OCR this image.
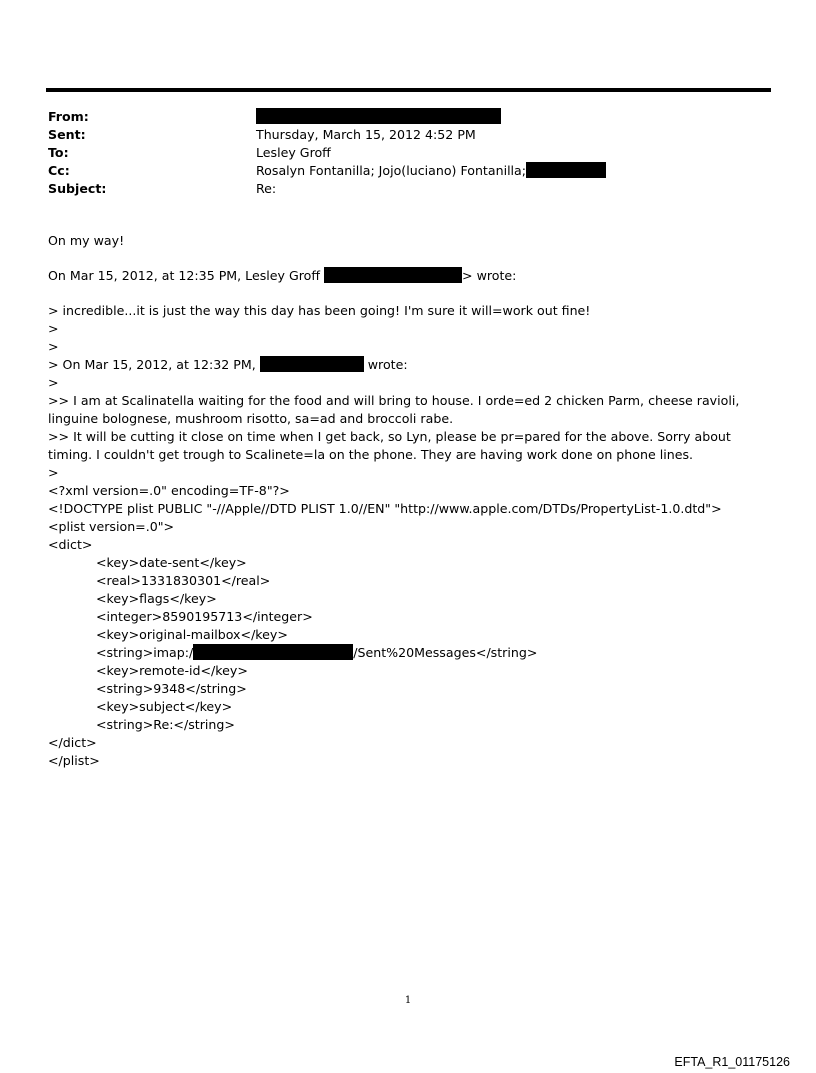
From:
Sent:	Thursday, March 15, 2012 4:52 PM
To:	Lesley Groff
Cc:	Rosalyn Fontanilla; Jojo(luciano) Fontanilla;
Subject:	Re:
On my way!
On Mar 15, 2012, at 12:35 PM, Lesley Groff	> wrote:
> incredible...it is just the way this day has been going! I'm sure it will=work out fine!
>
>
> On Mar 15, 2012, at 12:32 PM,	wrote:
>
>> I am at Scalinatella waiting for the food and will bring to house. I orde=ed 2 chicken Parm, cheese ravioli, linguine bolognese, mushroom risotto, sa=ad and broccoli rabe.
>> It will be cutting it close on time when I get back, so Lyn, please be pr=pared for the above. Sorry about timing. I couldn't get trough to Scalinete=la on the phone. They are having work done on phone lines.
>
<?xml version=.0" encoding=TF-8"?>
<!DOCTYPE plist PUBLIC "-//Apple//DTD PLIST 1.0//EN" "http://www.apple.com/DTDs/PropertyList-1.0.dtd">
<plist version=.0">
<dict>
<key>date-sent</key>
<real>1331830301</real>
<key>flags</key>
<integer>8590195713</integer>
<key>original-mailbox</key>
<string>imap:/	/Sent%20Messages</string>
<key>remote-id</key>
<string>9348</string>
<key>subject</key>
<string>Re:</string>
</dict>
</plist>
1
EFTA_R1_01175126
